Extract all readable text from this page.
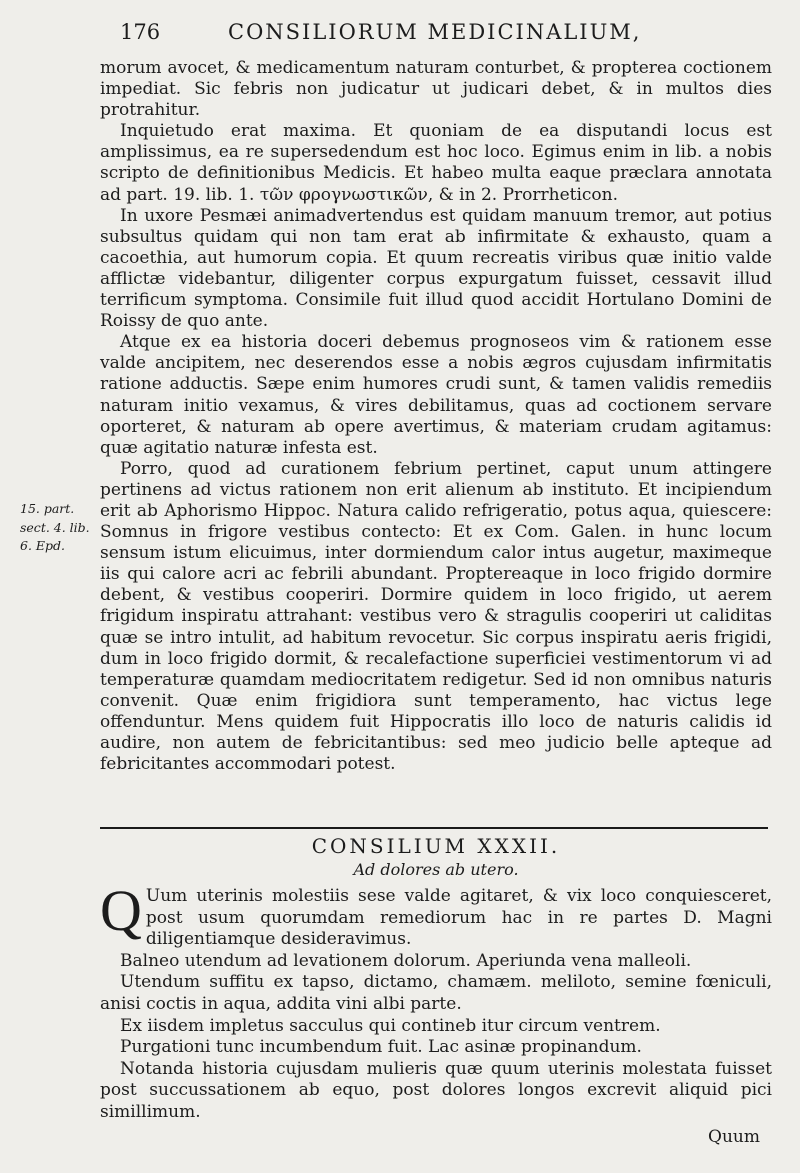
176	CONSILIORUM MEDICINALIUM,
15. part.
sect. 4. lib.
6. Epd.

morum avocet, & medicamentum naturam conturbet, & propterea coctionem impediat. Sic febris non judicatur ut judicari debet, & in multos dies protrahitur.

Inquietudo erat maxima. Et quoniam de ea disputandi locus est amplissimus, ea re supersedendum est hoc loco. Egimus enim in lib. a nobis scripto de definitionibus Medicis. Et habeo multa eaque præclara annotata ad part. 19. lib. 1. τῶν φρογνωστικῶν, & in 2. Prorrheticon.

In uxore Pesmæi animadvertendus est quidam manuum tremor, aut potius subsultus quidam qui non tam erat ab infirmitate & exhausto, quam a cacoethia, aut humorum copia. Et quum recreatis viribus quæ initio valde afflictæ videbantur, diligenter corpus expurgatum fuisset, cessavit illud terrificum symptoma. Consimile fuit illud quod accidit Hortulano Domini de Roissy de quo ante.

Atque ex ea historia doceri debemus prognoseos vim & rationem esse valde ancipitem, nec deserendos esse a nobis ægros cujusdam infirmitatis ratione adductis. Sæpe enim humores crudi sunt, & tamen validis remediis naturam initio vexamus, & vires debilitamus, quas ad coctionem servare oporteret, & naturam ab opere avertimus, & materiam crudam agitamus: quæ agitatio naturæ infesta est.

Porro, quod ad curationem febrium pertinet, caput unum attingere pertinens ad victus rationem non erit alienum ab instituto. Et incipiendum erit ab Aphorismo Hippoc. Natura calido refrigeratio, potus aqua, quiescere: Somnus in frigore vestibus contecto: Et ex Com. Galen. in hunc locum sensum istum elicuimus, inter dormiendum calor intus augetur, maximeque iis qui calore acri ac febrili abundant. Proptereaque in loco frigido dormire debent, & vestibus cooperiri. Dormire quidem in loco frigido, ut aerem frigidum inspiratu attrahant: vestibus vero & stragulis cooperiri ut caliditas quæ se intro intulit, ad habitum revocetur. Sic corpus inspiratu aeris frigidi, dum in loco frigido dormit, & recalefactione superficiei vestimentorum vi ad temperaturæ quamdam mediocritatem redigetur. Sed id non omnibus naturis convenit. Quæ enim frigidiora sunt temperamento, hac victus lege offenduntur. Mens quidem fuit Hippocratis illo loco de naturis calidis id audire, non autem de febricitantibus: sed meo judicio belle apteque ad febricitantes accommodari potest.

CONSILIUM XXXII.
Ad dolores ab utero.

Q Uum uterinis molestiis sese valde agitaret, & vix loco conquiesceret, post usum quorumdam remediorum hac in re partes D. Magni diligentiamque desideravimus.

Balneo utendum ad levationem dolorum. Aperiunda vena malleoli.

Utendum suffitu ex tapso, dictamo, chamæm. meliloto, semine fœniculi, anisi coctis in aqua, addita vini albi parte.

Ex iisdem impletus sacculus qui contineb itur circum ventrem.

Purgationi tunc incumbendum fuit. Lac asinæ propinandum.

Notanda historia cujusdam mulieris quæ quum uterinis molestata fuisset post succussationem ab equo, post dolores longos excrevit aliquid pici simillimum.

Quum
